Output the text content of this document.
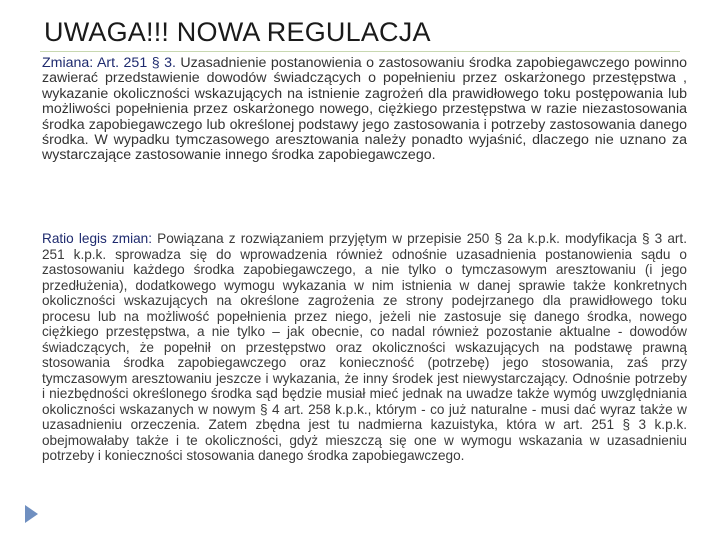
UWAGA!!! NOWA REGULACJA

Zmiana: Art. 251 § 3. Uzasadnienie postanowienia o zastosowaniu środka zapobiegawczego powinno zawierać przedstawienie dowodów świadczących o popełnieniu przez oskarżonego przestępstwa , wykazanie okoliczności wskazujących na istnienie zagrożeń dla prawidłowego toku postępowania lub możliwości popełnienia przez oskarżonego nowego, ciężkiego przestępstwa w razie niezastosowania środka zapobiegawczego lub określonej podstawy jego zastosowania i potrzeby zastosowania danego środka. W wypadku tymczasowego aresztowania należy ponadto wyjaśnić, dlaczego nie uznano za wystarczające zastosowanie innego środka zapobiegawczego.

Ratio legis zmian: Powiązana z rozwiązaniem przyjętym w przepisie 250 § 2a k.p.k. modyfikacja § 3 art. 251 k.p.k. sprowadza się do wprowadzenia również odnośnie uzasadnienia postanowienia sądu o zastosowaniu każdego środka zapobiegawczego, a nie tylko o tymczasowym aresztowaniu (i jego przedłużenia), dodatkowego wymogu wykazania w nim istnienia w danej sprawie także konkretnych okoliczności wskazujących na określone zagrożenia ze strony podejrzanego dla prawidłowego toku procesu lub na możliwość popełnienia przez niego, jeżeli nie zastosuje się danego środka, nowego ciężkiego przestępstwa, a nie tylko – jak obecnie, co nadal również pozostanie aktualne - dowodów świadczących, że popełnił on przestępstwo oraz okoliczności wskazujących na podstawę prawną stosowania środka zapobiegawczego oraz konieczność (potrzebę) jego stosowania, zaś przy tymczasowym aresztowaniu jeszcze i wykazania, że inny środek jest niewystarczający. Odnośnie potrzeby i niezbędności określonego środka sąd będzie musiał mieć jednak na uwadze także wymóg uwzględniania okoliczności wskazanych w nowym § 4 art. 258 k.p.k., którym - co już naturalne - musi dać wyraz także w uzasadnieniu orzeczenia. Zatem zbędna jest tu nadmierna kazuistyka, która w art. 251 § 3 k.p.k. obejmowałaby także i te okoliczności, gdyż mieszczą się one w wymogu wskazania w uzasadnieniu potrzeby i konieczności stosowania danego środka zapobiegawczego.
